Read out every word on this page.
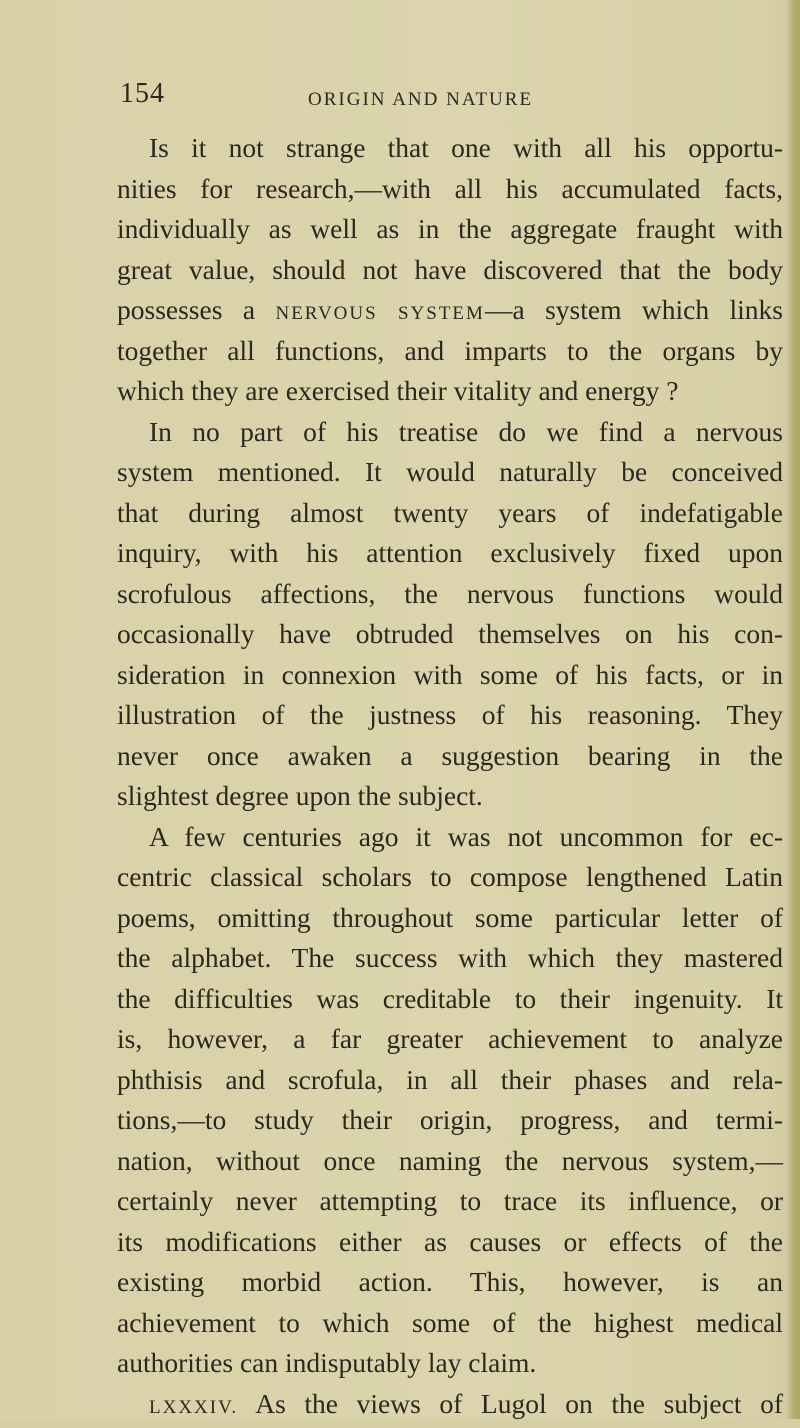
154	ORIGIN AND NATURE
Is it not strange that one with all his opportu-
nities for research,—with all his accumulated facts,
individually as well as in the aggregate fraught with
great value, should not have discovered that the body
possesses a NERVOUS SYSTEM—a system which links
together all functions, and imparts to the organs by
which they are exercised their vitality and energy ?
In no part of his treatise do we find a nervous
system mentioned. It would naturally be conceived
that during almost twenty years of indefatigable
inquiry, with his attention exclusively fixed upon
scrofulous affections, the nervous functions would
occasionally have obtruded themselves on his con-
sideration in connexion with some of his facts, or in
illustration of the justness of his reasoning. They
never once awaken a suggestion bearing in the
slightest degree upon the subject.
A few centuries ago it was not uncommon for ec-
centric classical scholars to compose lengthened Latin
poems, omitting throughout some particular letter of
the alphabet. The success with which they mastered
the difficulties was creditable to their ingenuity. It
is, however, a far greater achievement to analyze
phthisis and scrofula, in all their phases and rela-
tions,—to study their origin, progress, and termi-
nation, without once naming the nervous system,—
certainly never attempting to trace its influence, or
its modifications either as causes or effects of the
existing morbid action. This, however, is an
achievement to which some of the highest medical
authorities can indisputably lay claim.
LXXXIV. As the views of Lugol on the subject of
